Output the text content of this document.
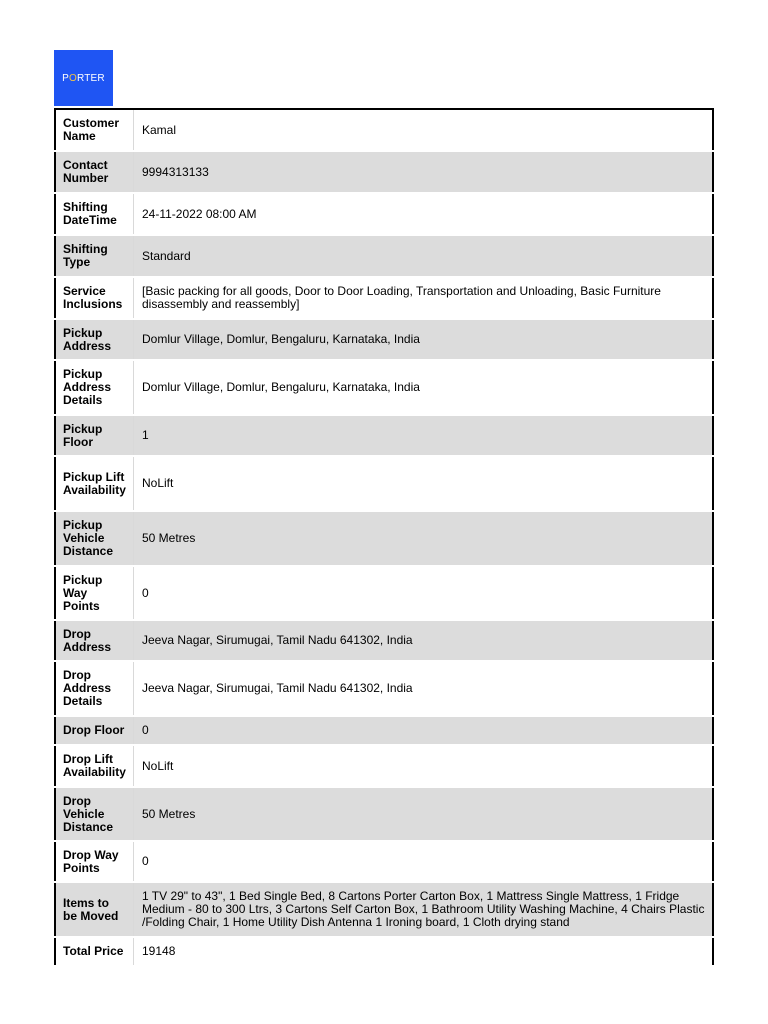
PORTER
Customer Name	Kamal
Contact Number	9994313133
Shifting DateTime	24-11-2022 08:00 AM
Shifting Type	Standard
Service Inclusions	[Basic packing for all goods, Door to Door Loading, Transportation and Unloading, Basic Furniture disassembly and reassembly]
Pickup Address	Domlur Village, Domlur, Bengaluru, Karnataka, India
Pickup Address Details	Domlur Village, Domlur, Bengaluru, Karnataka, India
Pickup Floor	1
Pickup Lift Availability	NoLift
Pickup Vehicle Distance	50 Metres
Pickup Way Points	0
Drop Address	Jeeva Nagar, Sirumugai, Tamil Nadu 641302, India
Drop Address Details	Jeeva Nagar, Sirumugai, Tamil Nadu 641302, India
Drop Floor	0
Drop Lift Availability	NoLift
Drop Vehicle Distance	50 Metres
Drop Way Points	0
Items to be Moved	1 TV 29" to 43", 1 Bed Single Bed, 8 Cartons Porter Carton Box, 1 Mattress Single Mattress, 1 Fridge Medium - 80 to 300 Ltrs, 3 Cartons Self Carton Box, 1 Bathroom Utility Washing Machine, 4 Chairs Plastic /Folding Chair, 1 Home Utility Dish Antenna 1 Ironing board, 1 Cloth drying stand
Total Price	19148
